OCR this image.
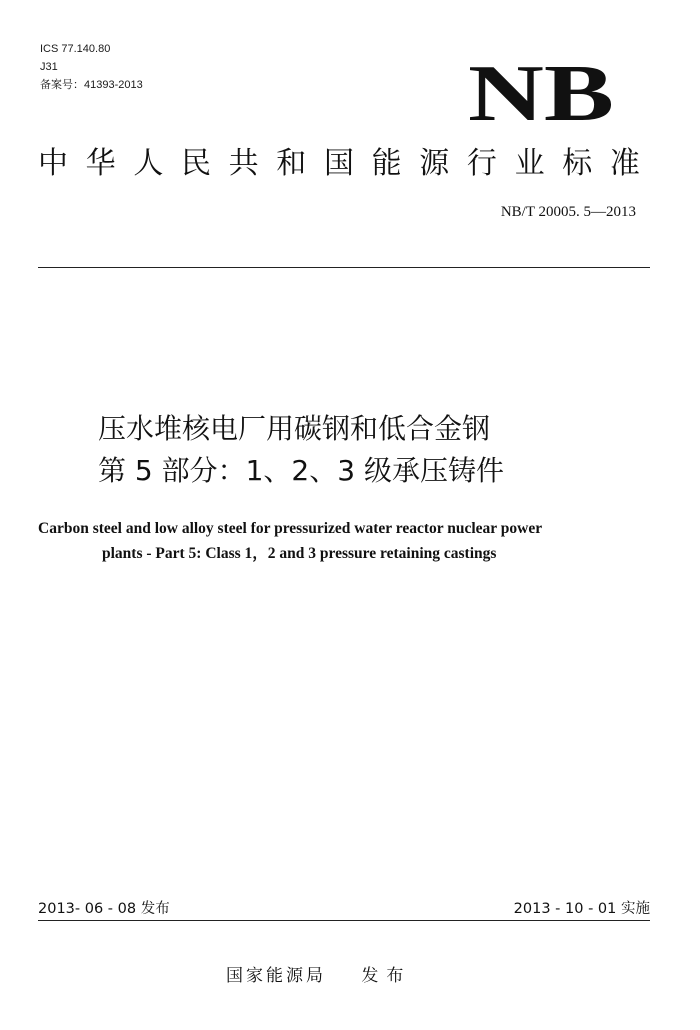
ICS 77.140.80
J31
备案号：41393-2013	NB
中 华 人 民 共 和 国 能 源 行 业 标 准
NB/T 20005. 5—2013
压水堆核电厂用碳钢和低合金钢
第 5 部分：1、2、3 级承压铸件
Carbon steel and low alloy steel for pressurized water reactor nuclear power
plants - Part 5: Class 1，2 and 3 pressure retaining castings
2013- 06 - 08 发布	2013 - 10 - 01 实施
国家能源局 发布
